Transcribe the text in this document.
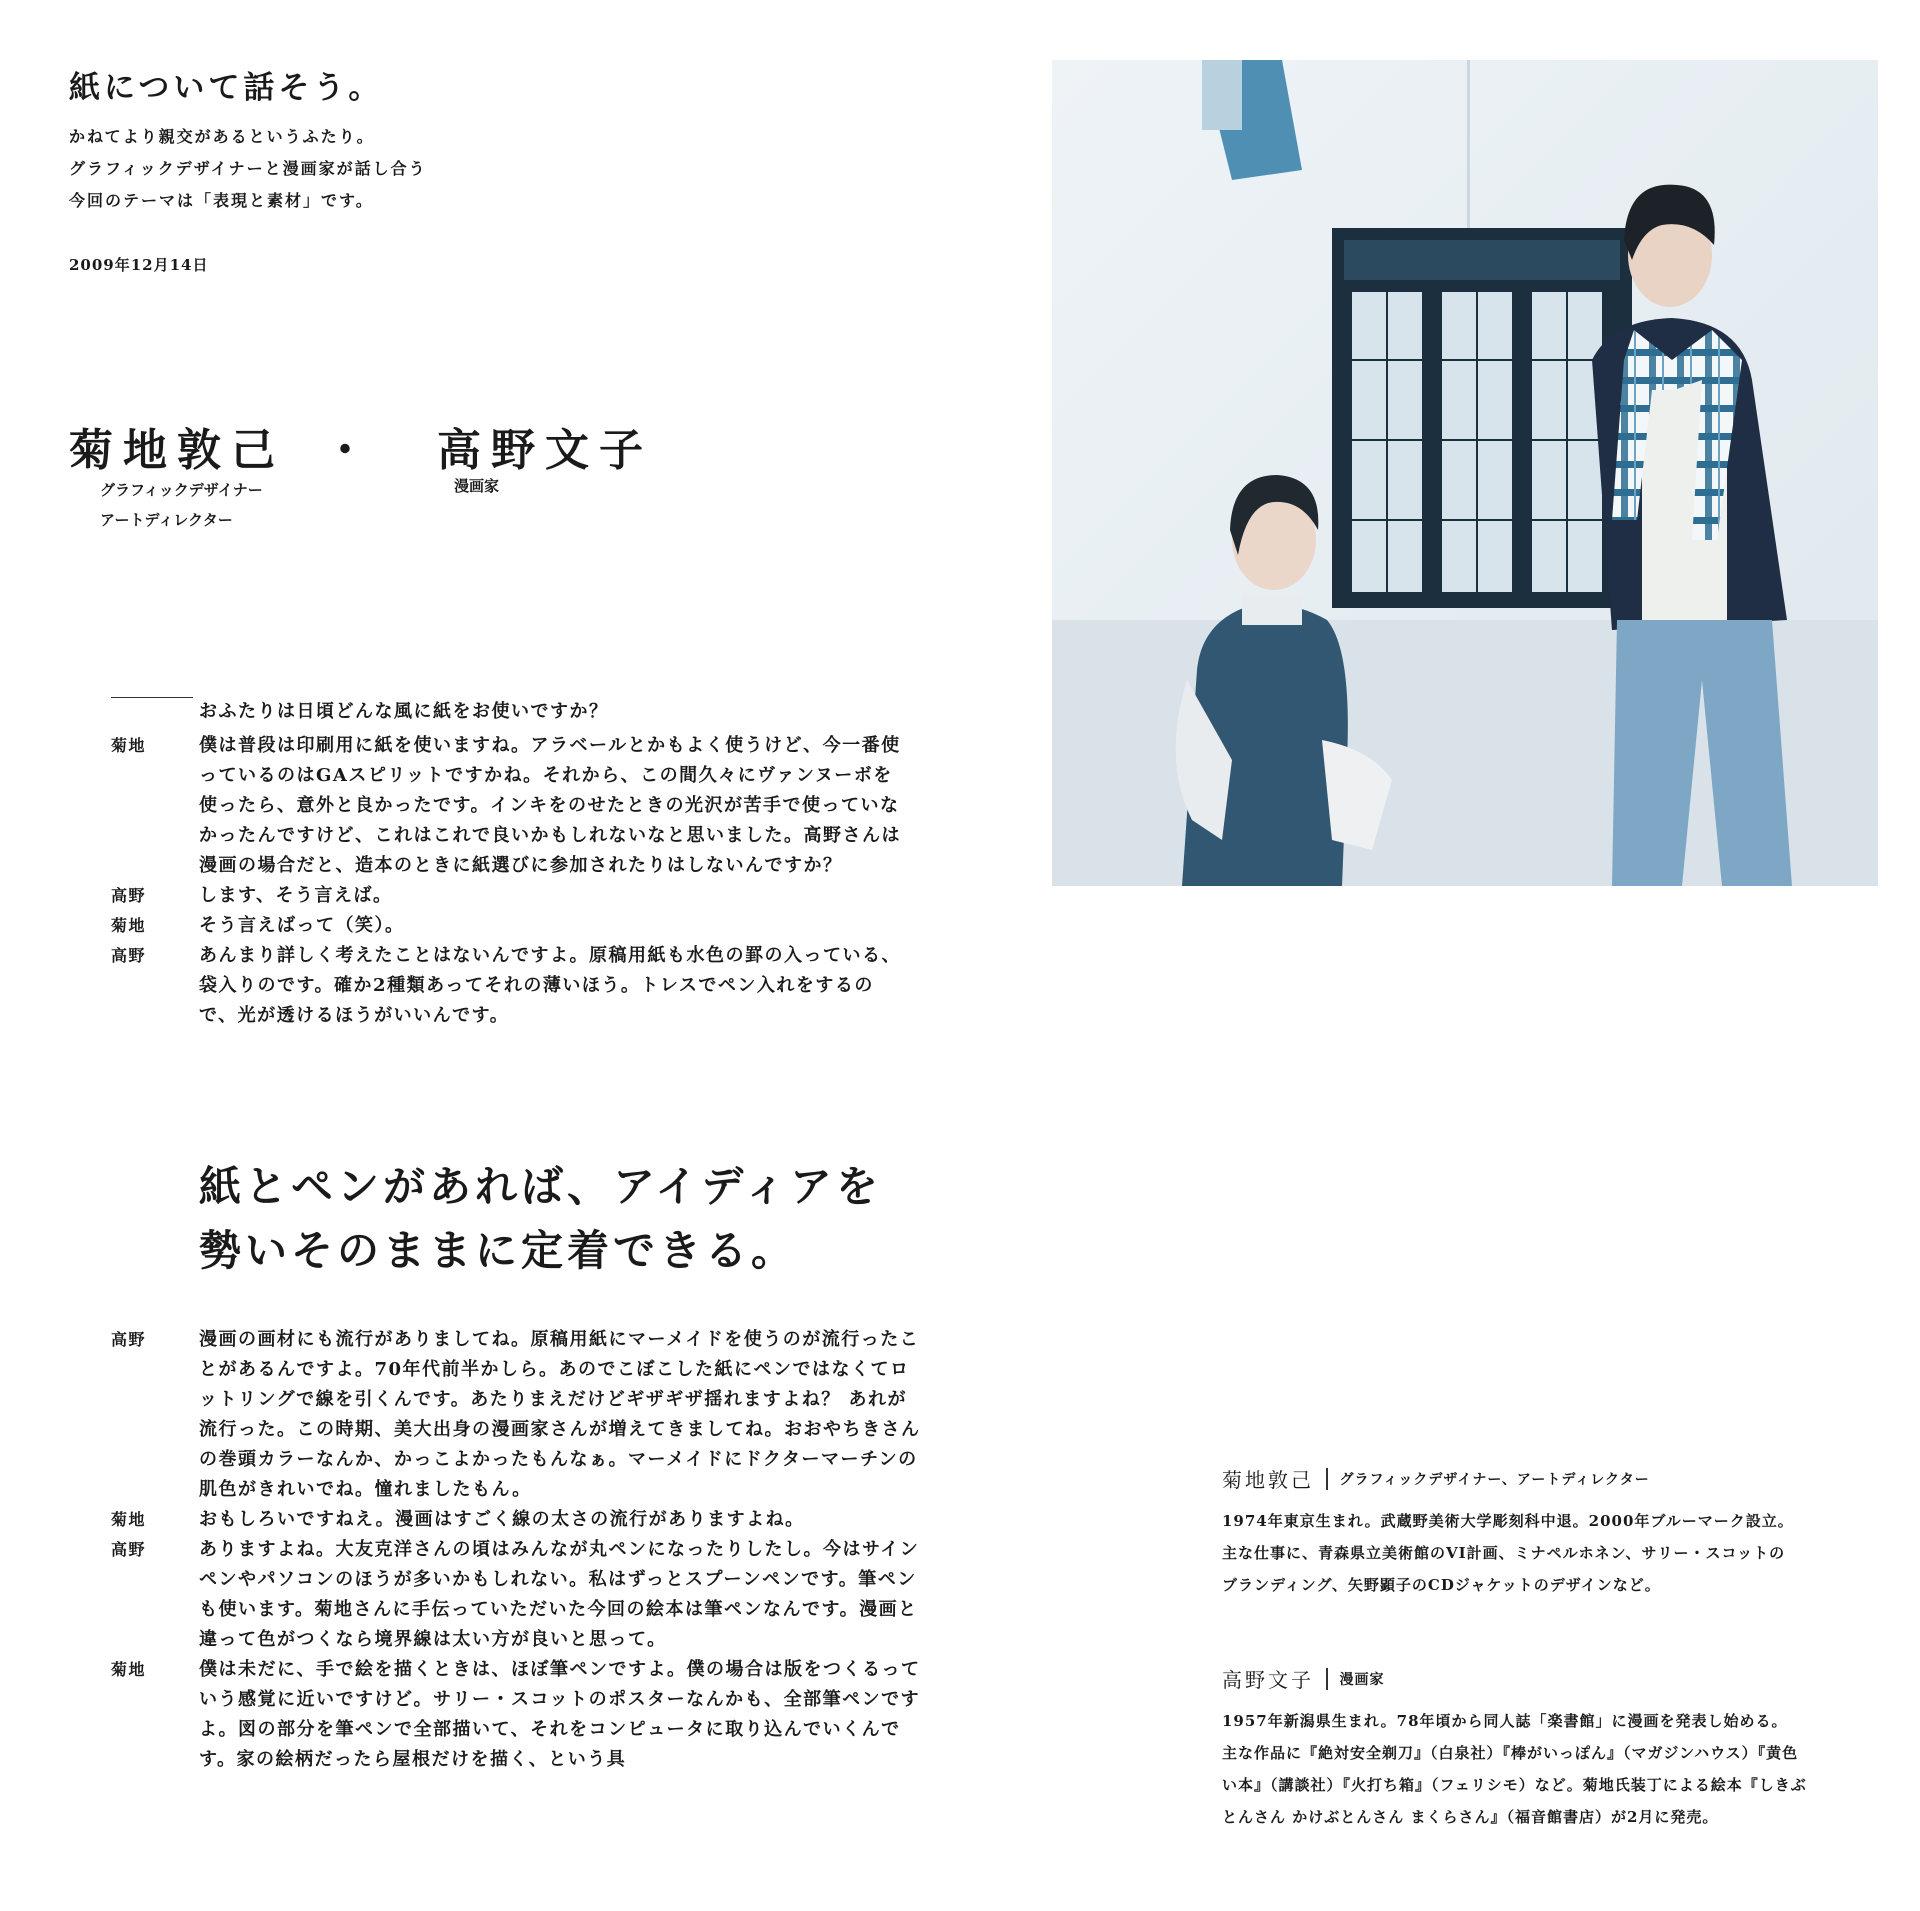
紙について話そう。
かねてより親交があるというふたり。
グラフィックデザイナーと漫画家が話し合う
今回のテーマは「表現と素材」です。
2009年12月14日
菊地敦己 ・ 高野文子
グラフィックデザイナー
アートディレクター
漫画家
おふたりは日頃どんな風に紙をお使いですか？
菊地	僕は普段は印刷用に紙を使いますね。アラベールとかもよく使うけど、今一番使っているのはGAスピリットですかね。それから、この間久々にヴァンヌーボを使ったら、意外と良かったです。インキをのせたときの光沢が苦手で使っていなかったんですけど、これはこれで良いかもしれないなと思いました。高野さんは漫画の場合だと、造本のときに紙選びに参加されたりはしないんですか？
高野	します、そう言えば。
菊地	そう言えばって（笑）。
高野	あんまり詳しく考えたことはないんですよ。原稿用紙も水色の罫の入っている、袋入りのです。確か2種類あってそれの薄いほう。トレスでペン入れをするので、光が透けるほうがいいんです。
紙とペンがあれば、アイディアを
勢いそのままに定着できる。
高野	漫画の画材にも流行がありましてね。原稿用紙にマーメイドを使うのが流行ったことがあるんですよ。70年代前半かしら。あのでこぼこした紙にペンではなくてロットリングで線を引くんです。あたりまえだけどギザギザ揺れますよね？ あれが流行った。この時期、美大出身の漫画家さんが増えてきましてね。おおやちきさんの巻頭カラーなんか、かっこよかったもんなぁ。マーメイドにドクターマーチンの肌色がきれいでね。憧れましたもん。
菊地	おもしろいですねえ。漫画はすごく線の太さの流行がありますよね。
高野	ありますよね。大友克洋さんの頃はみんなが丸ペンになったりしたし。今はサインペンやパソコンのほうが多いかもしれない。私はずっとスプーンペンです。筆ペンも使います。菊地さんに手伝っていただいた今回の絵本は筆ペンなんです。漫画と違って色がつくなら境界線は太い方が良いと思って。
菊地	僕は未だに、手で絵を描くときは、ほぼ筆ペンですよ。僕の場合は版をつくるっていう感覚に近いですけど。サリー・スコットのポスターなんかも、全部筆ペンですよ。図の部分を筆ペンで全部描いて、それをコンピュータに取り込んでいくんです。家の絵柄だったら屋根だけを描く、という具
菊地敦己 グラフィックデザイナー、アートディレクター
1974年東京生まれ。武蔵野美術大学彫刻科中退。2000年ブルーマーク設立。
主な仕事に、青森県立美術館のVI計画、ミナペルホネン、サリー・スコットの
ブランディング、矢野顕子のCDジャケットのデザインなど。
高野文子 漫画家
1957年新潟県生まれ。78年頃から同人誌「楽書館」に漫画を発表し始める。
主な作品に『絶対安全剃刀』（白泉社）『棒がいっぽん』（マガジンハウス）『黄色
い本』（講談社）『火打ち箱』（フェリシモ）など。菊地氏装丁による絵本『しきぶ
とんさん かけぶとんさん まくらさん』（福音館書店）が2月に発売。
